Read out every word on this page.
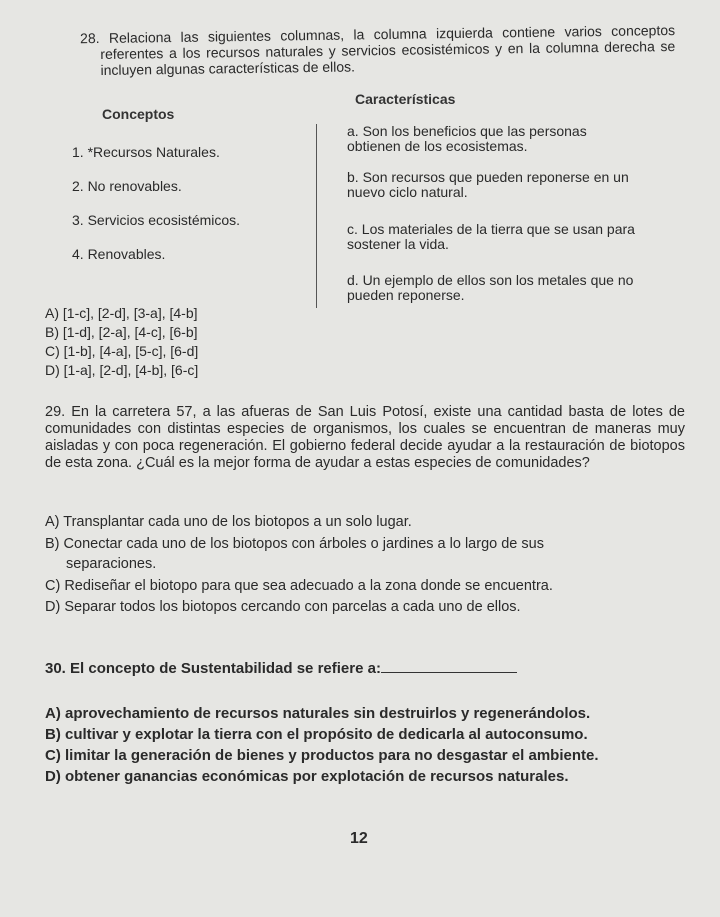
28. Relaciona las siguientes columnas, la columna izquierda contiene varios conceptos referentes a los recursos naturales y servicios ecosistémicos y en la columna derecha se incluyen algunas características de ellos.
Características
Conceptos
1. *Recursos Naturales.
2. No renovables.
3. Servicios ecosistémicos.
4. Renovables.
a. Son los beneficios que las personas obtienen de los ecosistemas.
b. Son recursos que pueden reponerse en un nuevo ciclo natural.
c. Los materiales de la tierra que se usan para sostener la vida.
d. Un ejemplo de ellos son los metales que no pueden reponerse.
A) [1-c], [2-d], [3-a], [4-b]
B) [1-d], [2-a], [4-c], [6-b]
C) [1-b], [4-a], [5-c], [6-d]
D) [1-a], [2-d], [4-b], [6-c]
29. En la carretera 57, a las afueras de San Luis Potosí, existe una cantidad basta de lotes de comunidades con distintas especies de organismos, los cuales se encuentran de maneras muy aisladas y con poca regeneración. El gobierno federal decide ayudar a la restauración de biotopos de esta zona. ¿Cuál es la mejor forma de ayudar a estas especies de comunidades?
A) Transplantar cada uno de los biotopos a un solo lugar.
B) Conectar cada uno de los biotopos con árboles o jardines a lo largo de sus
separaciones.
C) Rediseñar el biotopo para que sea adecuado a la zona donde se encuentra.
D) Separar todos los biotopos cercando con parcelas a cada uno de ellos.
30. El concepto de Sustentabilidad se refiere a:
A) aprovechamiento de recursos naturales sin destruirlos y regenerándolos.
B) cultivar y explotar la tierra con el propósito de dedicarla al autoconsumo.
C) limitar la generación de bienes y productos para no desgastar el ambiente.
D) obtener ganancias económicas por explotación de recursos naturales.
12
